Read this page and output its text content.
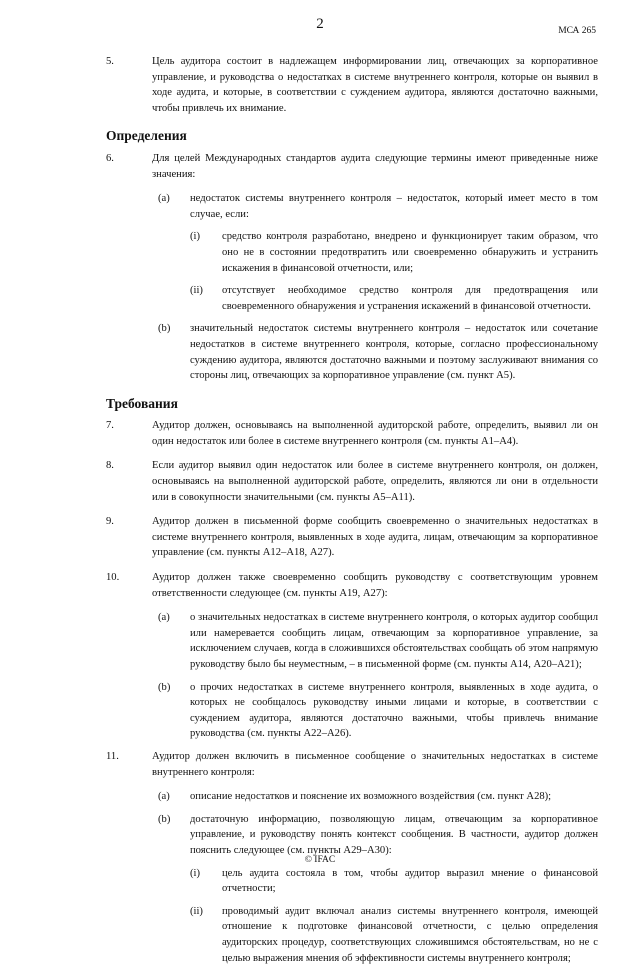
2	МСА 265
5.	Цель аудитора состоит в надлежащем информировании лиц, отвечающих за корпоративное управление, и руководства о недостатках в системе внутреннего контроля, которые он выявил в ходе аудита, и которые, в соответствии с суждением аудитора, являются достаточно важными, чтобы привлечь их внимание.

Определения
6.	Для целей Международных стандартов аудита следующие термины имеют приведенные ниже значения:

(a) недостаток системы внутреннего контроля – недостаток, который имеет место в том случае, если:

(i) средство контроля разработано, внедрено и функционирует таким образом, что оно не в состоянии предотвратить или своевременно обнаружить и устранить искажения в финансовой отчетности, или;

(ii) отсутствует необходимое средство контроля для предотвращения или своевременного обнаружения и устранения искажений в финансовой отчетности.

(b) значительный недостаток системы внутреннего контроля – недостаток или сочетание недостатков в системе внутреннего контроля, которые, согласно профессиональному суждению аудитора, являются достаточно важными и поэтому заслуживают внимания со стороны лиц, отвечающих за корпоративное управление (см. пункт А5).

Требования
7.	Аудитор должен, основываясь на выполненной аудиторской работе, определить, выявил ли он один недостаток или более в системе внутреннего контроля (см. пункты А1–А4).

8.	Если аудитор выявил один недостаток или более в системе внутреннего контроля, он должен, основываясь на выполненной аудиторской работе, определить, являются ли они в отдельности или в совокупности значительными (см. пункты А5–А11).

9.	Аудитор должен в письменной форме сообщить своевременно о значительных недостатках в системе внутреннего контроля, выявленных в ходе аудита, лицам, отвечающим за корпоративное управление (см. пункты А12–А18, А27).

10.	Аудитор должен также своевременно сообщить руководству с соответствующим уровнем ответственности следующее (см. пункты А19, А27):

(a) о значительных недостатках в системе внутреннего контроля, о которых аудитор сообщил или намеревается сообщить лицам, отвечающим за корпоративное управление, за исключением случаев, когда в сложившихся обстоятельствах сообщать об этом напрямую руководству было бы неуместным, – в письменной форме (см. пункты А14, А20–А21);

(b) о прочих недостатках в системе внутреннего контроля, выявленных в ходе аудита, о которых не сообщалось руководству иными лицами и которые, в соответствии с суждением аудитора, являются достаточно важными, чтобы привлечь внимание руководства (см. пункты А22–А26).

11.	Аудитор должен включить в письменное сообщение о значительных недостатках в системе внутреннего контроля:

(a) описание недостатков и пояснение их возможного воздействия (см. пункт А28);

(b) достаточную информацию, позволяющую лицам, отвечающим за корпоративное управление, и руководству понять контекст сообщения. В частности, аудитор должен пояснить следующее (см. пункты А29–А30):

(i) цель аудита состояла в том, чтобы аудитор выразил мнение о финансовой отчетности;

(ii) проводимый аудит включал анализ системы внутреннего контроля, имеющей отношение к подготовке финансовой отчетности, с целью определения аудиторских процедур, соответствующих сложившимся обстоятельствам, но не с целью выражения мнения об эффективности системы внутреннего контроля;

© IFAC
